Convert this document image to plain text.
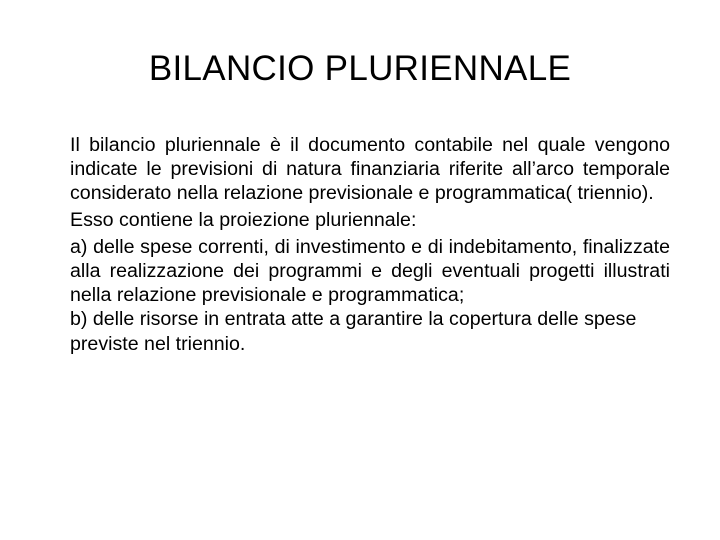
BILANCIO PLURIENNALE

Il bilancio pluriennale è il documento contabile nel quale vengono indicate le previsioni di natura finanziaria riferite all’arco temporale considerato nella relazione previsionale e programmatica( triennio).

Esso contiene la proiezione pluriennale:

a) delle spese correnti, di investimento e di indebitamento, finalizzate alla realizzazione dei programmi e degli eventuali progetti illustrati nella relazione previsionale e programmatica;

b) delle risorse in entrata atte a garantire la copertura delle spese previste nel triennio.
